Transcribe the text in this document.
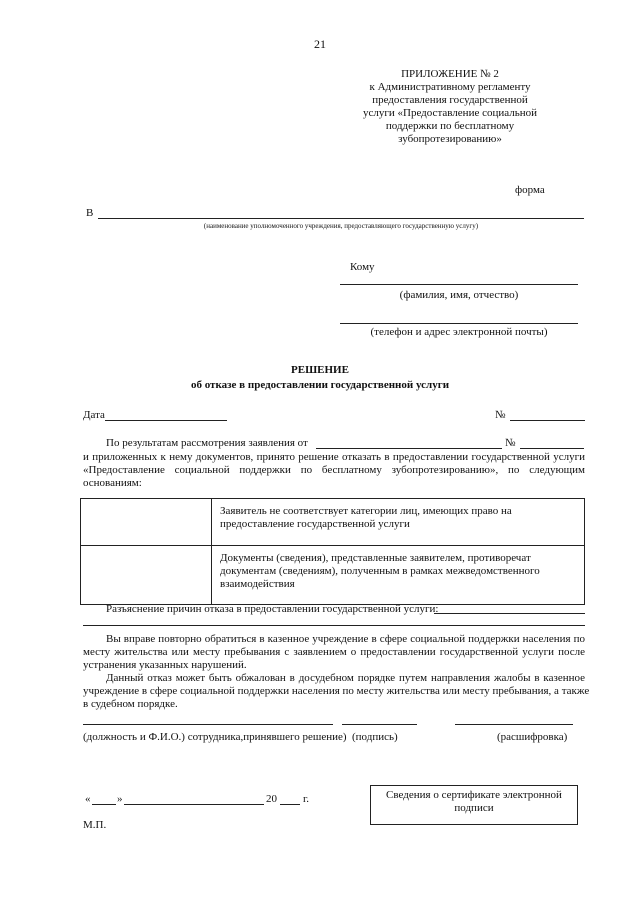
21
ПРИЛОЖЕНИЕ № 2
к Административному регламенту
предоставления государственной
услуги «Предоставление социальной
поддержки по бесплатному
зубопротезированию»
форма
В
(наименование уполномоченного учреждения, предоставляющего государственную услугу)
Кому
(фамилия, имя, отчество)
(телефон и адрес электронной почты)
РЕШЕНИЕ
об отказе в предоставлении государственной услуги
Дата	№
По результатам рассмотрения заявления от	№
и приложенных к нему документов, принято решение отказать в предоставлении государственной услуги
«Предоставление социальной поддержки по бесплатному зубопротезированию», по следующим
основаниям:
	Заявитель не соответствует категории лиц, имеющих право на предоставление государственной услуги
	Документы (сведения), представленные заявителем, противоречат документам (сведениям), полученным в рамках межведомственного взаимодействия
Разъяснение причин отказа в предоставлении государственной услуги:
Вы вправе повторно обратиться в казенное учреждение в сфере социальной поддержки населения по
месту жительства или месту пребывания с заявлением о предоставлении государственной услуги после
устранения указанных нарушений.
Данный отказ может быть обжалован в досудебном порядке путем направления жалобы в казенное
учреждение в сфере социальной поддержки населения по месту жительства или месту пребывания, а также
в судебном порядке.
(должность и Ф.И.О.) сотрудника,принявшего решение) (подпись)	(расшифровка)
« »	20 г.	Сведения о сертификате электронной подписи
М.П.
